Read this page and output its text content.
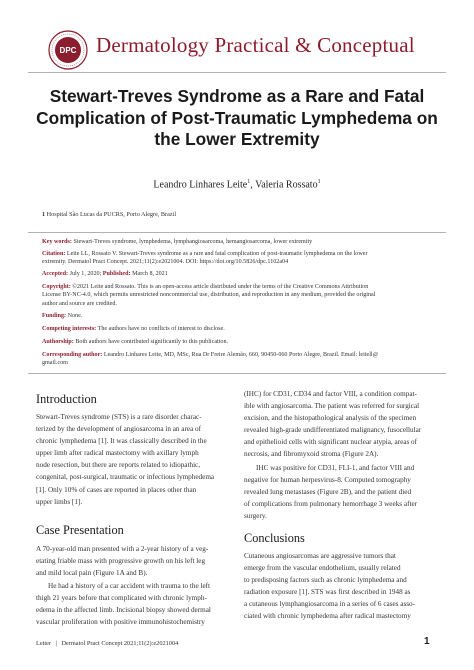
DPC Dermatology Practical & Conceptual
Stewart-Treves Syndrome as a Rare and Fatal
Complication of Post-Traumatic Lymphedema on
the Lower Extremity
Leandro Linhares Leite$^1$, Valeria Rossato$^1$
1 Hospital São Lucas da PUCRS, Porto Alegre, Brazil
Key words: Stewart-Treves syndrome, lymphedema, lymphangiosarcoma, hemangiosarcoma, lower extremity
Citation: Leite LL, Rossato V. Stewart-Treves syndrome as a rare and fatal complication of post-traumatic lymphedema on the lower
extremity. Dermatol Pract Concept. 2021;11(2):e2021004. DOI: https://doi.org/10.5826/dpc.1102a04
Accepted: July 1, 2020; Published: March 8, 2021
Copyright: ©2021 Leite and Rossato. This is an open-access article distributed under the terms of the Creative Commons Attribution
License BY-NC-4.0, which permits unrestricted noncommercial use, distribution, and reproduction in any medium, provided the original
author and source are credited.
Funding: None.
Competing interests: The authors have no conflicts of interest to disclose.
Authorship: Both authors have contributed significantly to this publication.
Corresponding author: Leandro Linhares Leite, MD, MSc, Rua Dr Freire Alemão, 660, 90450-060 Porto Alegre, Brazil. Email: leitell@
gmail.com
Introduction
Stewart-Treves syndrome (STS) is a rare disorder charac-
terized by the development of angiosarcoma in an area of
chronic lymphedema [1]. It was classically described in the
upper limb after radical mastectomy with axillary lymph
node resection, but there are reports related to idiopathic,
congenital, post-surgical, traumatic or infectious lymphedema
[1]. Only 10% of cases are reported in places other than
upper limbs [1].
Case Presentation
A 70-year-old man presented with a 2-year history of a veg-
etating friable mass with progressive growth on his left leg
and mild local pain (Figure 1A and B).
He had a history of a car accident with trauma to the left
thigh 21 years before that complicated with chronic lymph-
edema in the affected limb. Incisional biopsy showed dermal
vascular proliferation with positive immunohistochemistry
(IHC) for CD31, CD34 and factor VIII, a condition compat-
ible with angiosarcoma. The patient was referred for surgical
excision, and the histopathological analysis of the specimen
revealed high-grade undifferentiated malignancy, fusocellular
and epithelioid cells with significant nuclear atypia, areas of
necrosis, and fibromyxoid stroma (Figure 2A).
IHC was positive for CD31, FLI-1, and factor VIII and
negative for human herpesvirus-8. Computed tomography
revealed lung metastases (Figure 2B), and the patient died
of complications from pulmonary hemorrhage 3 weeks after
surgery.
Conclusions
Cutaneous angiosarcomas are aggressive tumors that
emerge from the vascular endothelium, usually related
to predisposing factors such as chronic lymphedema and
radiation exposure [1]. STS was first described in 1948 as
a cutaneous lymphangiosarcoma in a series of 6 cases asso-
ciated with chronic lymphedema after radical mastectomy
Letter | Dermatol Pract Concept 2021;11(2):e2021004	1
